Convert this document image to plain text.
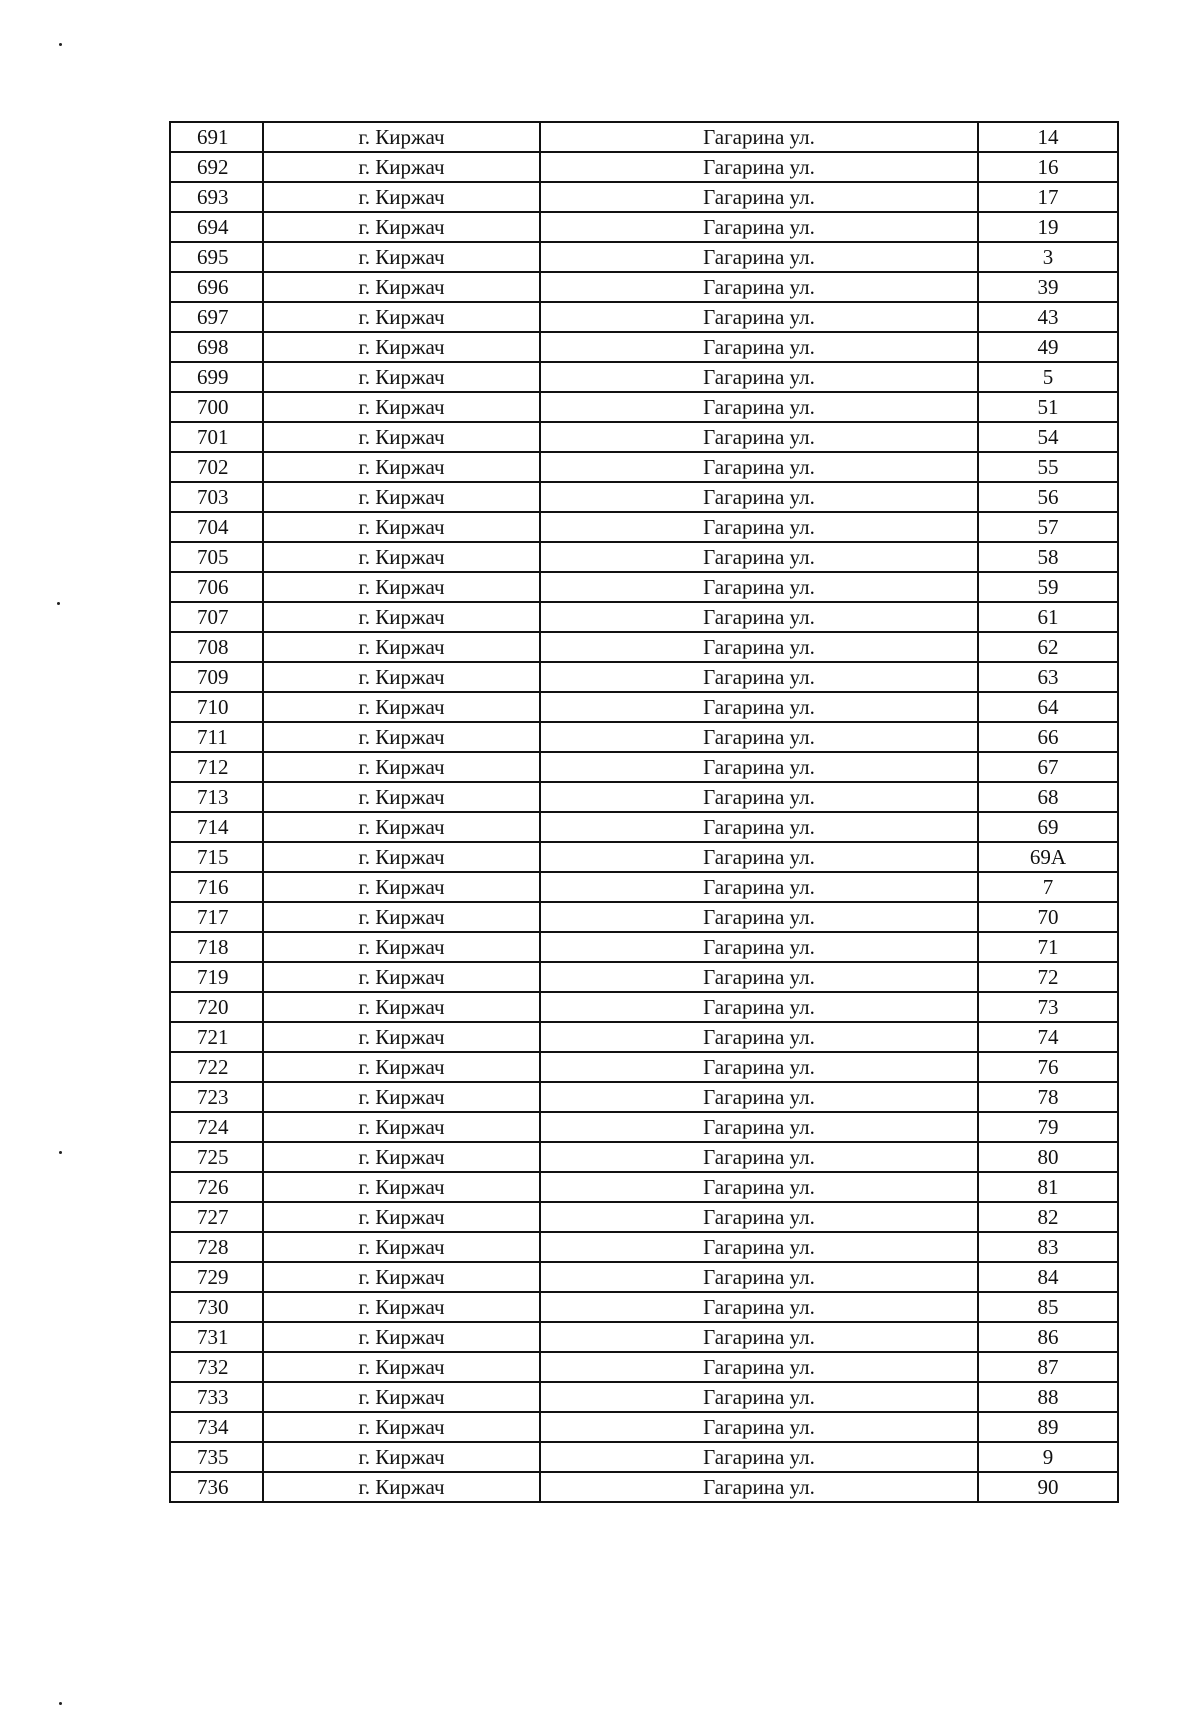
691	г. Киржач	Гагарина ул.	14
692	г. Киржач	Гагарина ул.	16
693	г. Киржач	Гагарина ул.	17
694	г. Киржач	Гагарина ул.	19
695	г. Киржач	Гагарина ул.	3
696	г. Киржач	Гагарина ул.	39
697	г. Киржач	Гагарина ул.	43
698	г. Киржач	Гагарина ул.	49
699	г. Киржач	Гагарина ул.	5
700	г. Киржач	Гагарина ул.	51
701	г. Киржач	Гагарина ул.	54
702	г. Киржач	Гагарина ул.	55
703	г. Киржач	Гагарина ул.	56
704	г. Киржач	Гагарина ул.	57
705	г. Киржач	Гагарина ул.	58
706	г. Киржач	Гагарина ул.	59
707	г. Киржач	Гагарина ул.	61
708	г. Киржач	Гагарина ул.	62
709	г. Киржач	Гагарина ул.	63
710	г. Киржач	Гагарина ул.	64
711	г. Киржач	Гагарина ул.	66
712	г. Киржач	Гагарина ул.	67
713	г. Киржач	Гагарина ул.	68
714	г. Киржач	Гагарина ул.	69
715	г. Киржач	Гагарина ул.	69А
716	г. Киржач	Гагарина ул.	7
717	г. Киржач	Гагарина ул.	70
718	г. Киржач	Гагарина ул.	71
719	г. Киржач	Гагарина ул.	72
720	г. Киржач	Гагарина ул.	73
721	г. Киржач	Гагарина ул.	74
722	г. Киржач	Гагарина ул.	76
723	г. Киржач	Гагарина ул.	78
724	г. Киржач	Гагарина ул.	79
725	г. Киржач	Гагарина ул.	80
726	г. Киржач	Гагарина ул.	81
727	г. Киржач	Гагарина ул.	82
728	г. Киржач	Гагарина ул.	83
729	г. Киржач	Гагарина ул.	84
730	г. Киржач	Гагарина ул.	85
731	г. Киржач	Гагарина ул.	86
732	г. Киржач	Гагарина ул.	87
733	г. Киржач	Гагарина ул.	88
734	г. Киржач	Гагарина ул.	89
735	г. Киржач	Гагарина ул.	9
736	г. Киржач	Гагарина ул.	90
